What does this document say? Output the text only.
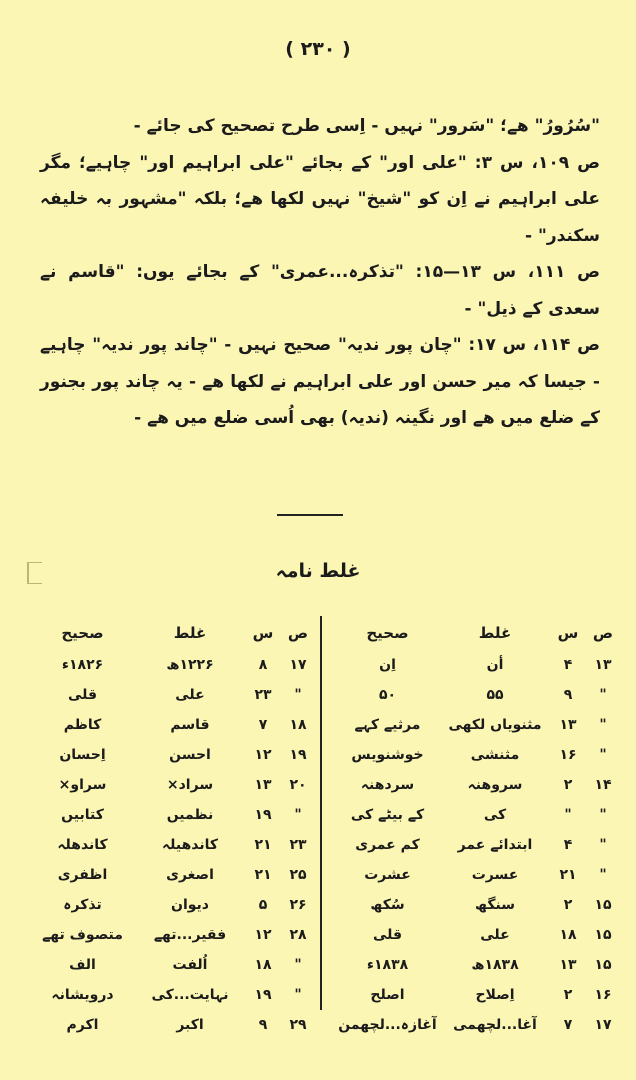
( ۲۳۰ )

"سُرُورُ" ھے؛ "سَرور" نہیں - اِسی طرح تصحیح کی جائے -

ص ۱۰۹، س ۳: "علی اور" کے بجائے "علی ابراہیم اور" چاہیے؛ مگر علی ابراہیم نے اِن کو "شیخ" نہیں لکھا ھے؛ بلکہ "مشہور بہ خلیفہ سکندر" -

ص ۱۱۱، س ۱۳—۱۵: "تذکرہ...عمری" کے بجائے یوں: "قاسم نے سعدی کے ذیل" -

ص ۱۱۴، س ۱۷: "چان پور ندیہ" صحیح نہیں - "چاند پور ندیہ" چاہیے - جیسا کہ میر حسن اور علی ابراہیم نے لکھا ھے - یہ چاند پور بجنور کے ضلع میں ھے اور نگینہ (ندیہ) بھی اُسی ضلع میں ھے -

غلط نامہ
ص
س
غلط
صحیح
۱۳
۴
أن
اِن
"
۹
۵۵
۵۰
"
۱۳
مثنویاں لکھی
مرثیے کہے
"
۱۶
مثنشی
خوشنویس
۱۴
۲
سروھنہ
سردھنہ
"
"
کی
کے بیٹے کی
"
۴
ابتدائے عمر
کم عمری
"
۲۱
عسرت
عشرت
۱۵
۲
سنگھ
سُکھ
۱۵
۱۸
علی
قلی
۱۵
۱۳
۱۸۳۸ھ
۱۸۳۸ء
۱۶
۲
اِصلاح
اصلح
۱۷
۷
آغا...لچھمی
آغازہ...لچھمن
ص
س
غلط
صحیح
۱۷
۸
۱۲۲۶ھ
۱۸۲۶ء
"
۲۳
علی
قلی
۱۸
۷
قاسم
کاظم
۱۹
۱۲
احسن
اِحسان
۲۰
۱۳
سراد×
سراو×
"
۱۹
نظمیں
کتابیں
۲۳
۲۱
کاندھیلہ
کاندھلہ
۲۵
۲۱
اصغری
اظفری
۲۶
۵
دیوان
تذکرہ
۲۸
۱۲
فقیر...تھے
متصوف تھے
"
۱۸
اُلفت
الف
"
۱۹
نہایت...کی
درویشانہ
۲۹
۹
اکبر
اکرم
